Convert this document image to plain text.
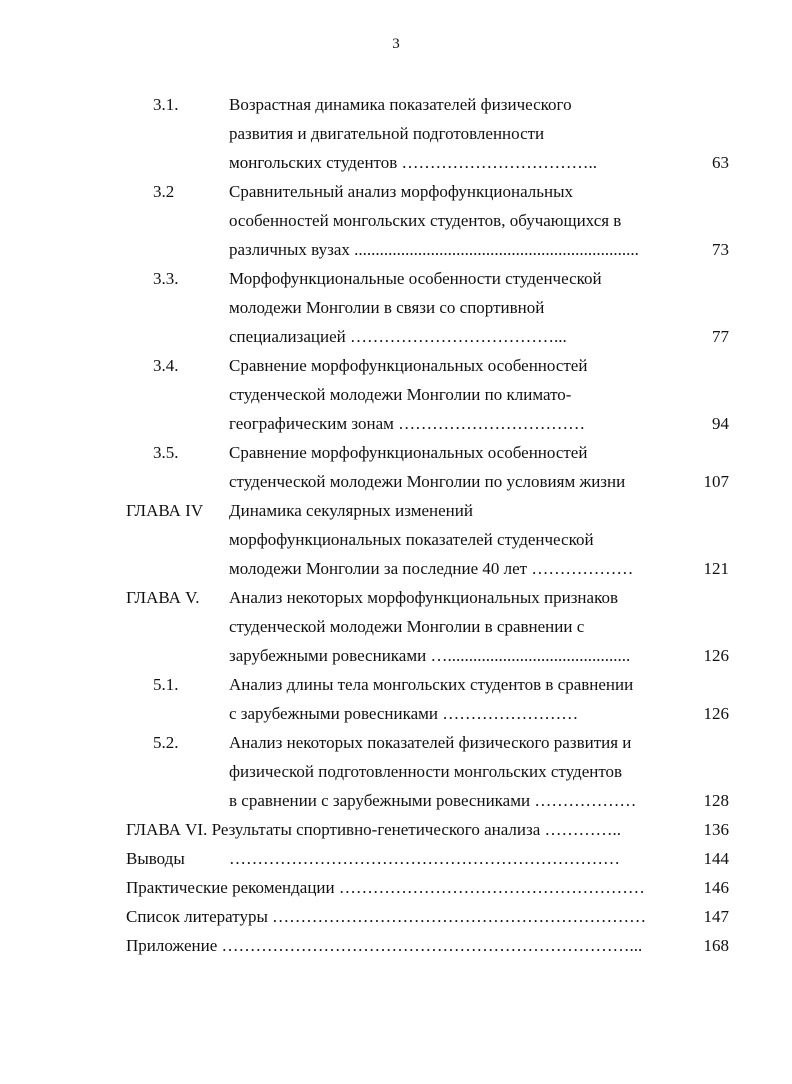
3
3.1.	Возрастная динамика показателей физического
развития и двигательной подготовленности
монгольских студентов ……………………………..	63
3.2	Сравнительный анализ морфофункциональных
особенностей монгольских студентов, обучающихся в
различных вузах ...................................................................	73
3.3.	Морфофункциональные особенности студенческой
молодежи Монголии в связи со спортивной
специализацией ………………………………...	77
3.4.	Сравнение морфофункциональных особенностей
студенческой молодежи Монголии по климато-
географическим зонам ……………………………	94
3.5.	Сравнение морфофункциональных особенностей
студенческой молодежи Монголии по условиям жизни	107
ГЛАВА IV Динамика секулярных изменений
морфофункциональных показателей студенческой
молодежи Монголии за последние 40 лет ………………	121
ГЛАВА V. Анализ некоторых морфофункциональных признаков
студенческой молодежи Монголии в сравнении с
зарубежными ровесниками …...........................................	126
5.1.	Анализ длины тела монгольских студентов в сравнении
с зарубежными ровесниками ……………………	126
5.2.	Анализ некоторых показателей физического развития и
физической подготовленности монгольских студентов
в сравнении с зарубежными ровесниками ………………	128
ГЛАВА VI. Результаты спортивно-генетического анализа …………..	136
Выводы	……………………………………………………………	144
Практические рекомендации ………………………………………………	146
Список литературы …………………………………………………………	147
Приложение ………………………………………………………………...	168
